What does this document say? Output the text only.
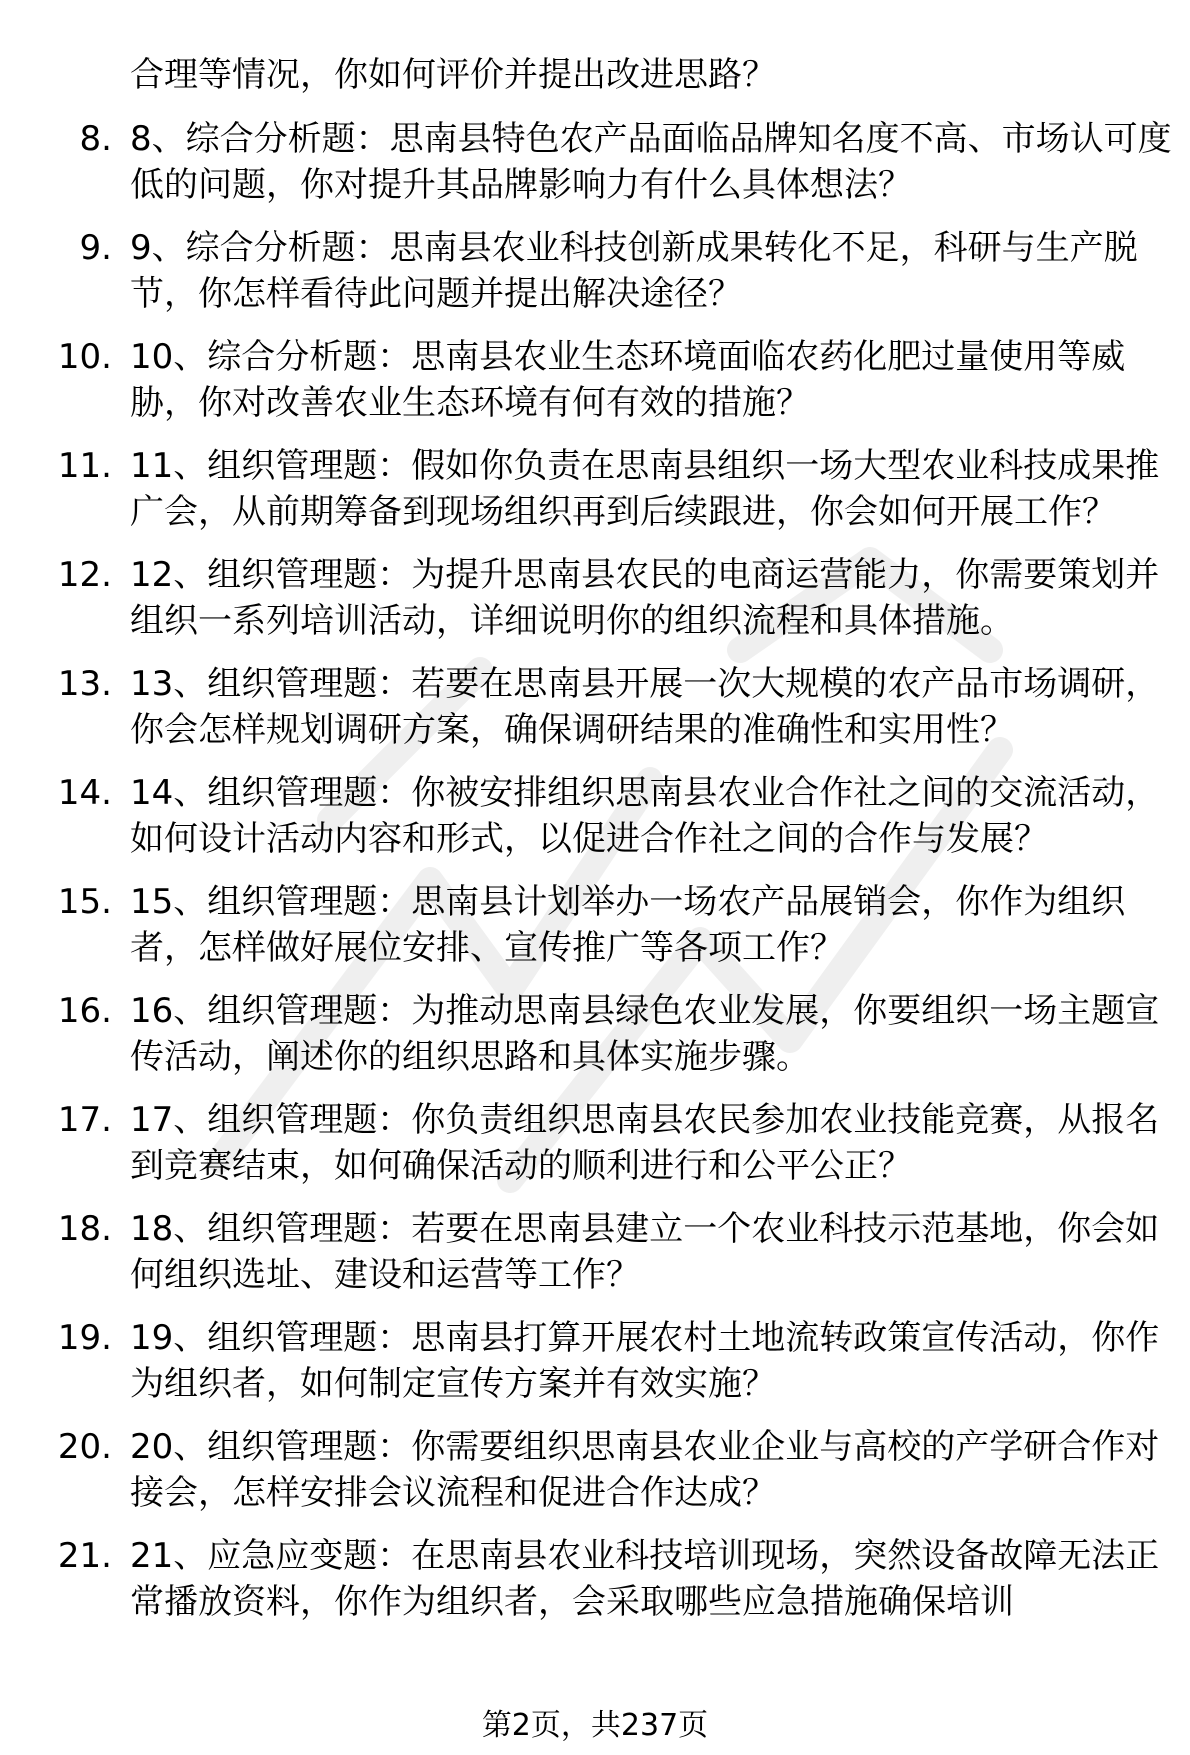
合理等情况，你如何评价并提出改进思路？
8. 8、综合分析题：思南县特色农产品面临品牌知名度不高、市场认可度低的问题，你对提升其品牌影响力有什么具体想法？
9. 9、综合分析题：思南县农业科技创新成果转化不足，科研与生产脱节，你怎样看待此问题并提出解决途径？
10. 10、综合分析题：思南县农业生态环境面临农药化肥过量使用等威胁，你对改善农业生态环境有何有效的措施？
11. 11、组织管理题：假如你负责在思南县组织一场大型农业科技成果推广会，从前期筹备到现场组织再到后续跟进，你会如何开展工作？
12. 12、组织管理题：为提升思南县农民的电商运营能力，你需要策划并组织一系列培训活动，详细说明你的组织流程和具体措施。
13. 13、组织管理题：若要在思南县开展一次大规模的农产品市场调研，你会怎样规划调研方案，确保调研结果的准确性和实用性？
14. 14、组织管理题：你被安排组织思南县农业合作社之间的交流活动，如何设计活动内容和形式，以促进合作社之间的合作与发展？
15. 15、组织管理题：思南县计划举办一场农产品展销会，你作为组织者，怎样做好展位安排、宣传推广等各项工作？
16. 16、组织管理题：为推动思南县绿色农业发展，你要组织一场主题宣传活动，阐述你的组织思路和具体实施步骤。
17. 17、组织管理题：你负责组织思南县农民参加农业技能竞赛，从报名到竞赛结束，如何确保活动的顺利进行和公平公正？
18. 18、组织管理题：若要在思南县建立一个农业科技示范基地，你会如何组织选址、建设和运营等工作？
19. 19、组织管理题：思南县打算开展农村土地流转政策宣传活动，你作为组织者，如何制定宣传方案并有效实施？
20. 20、组织管理题：你需要组织思南县农业企业与高校的产学研合作对接会，怎样安排会议流程和促进合作达成？
21. 21、应急应变题：在思南县农业科技培训现场，突然设备故障无法正常播放资料，你作为组织者，会采取哪些应急措施确保培训
第2页，共237页
